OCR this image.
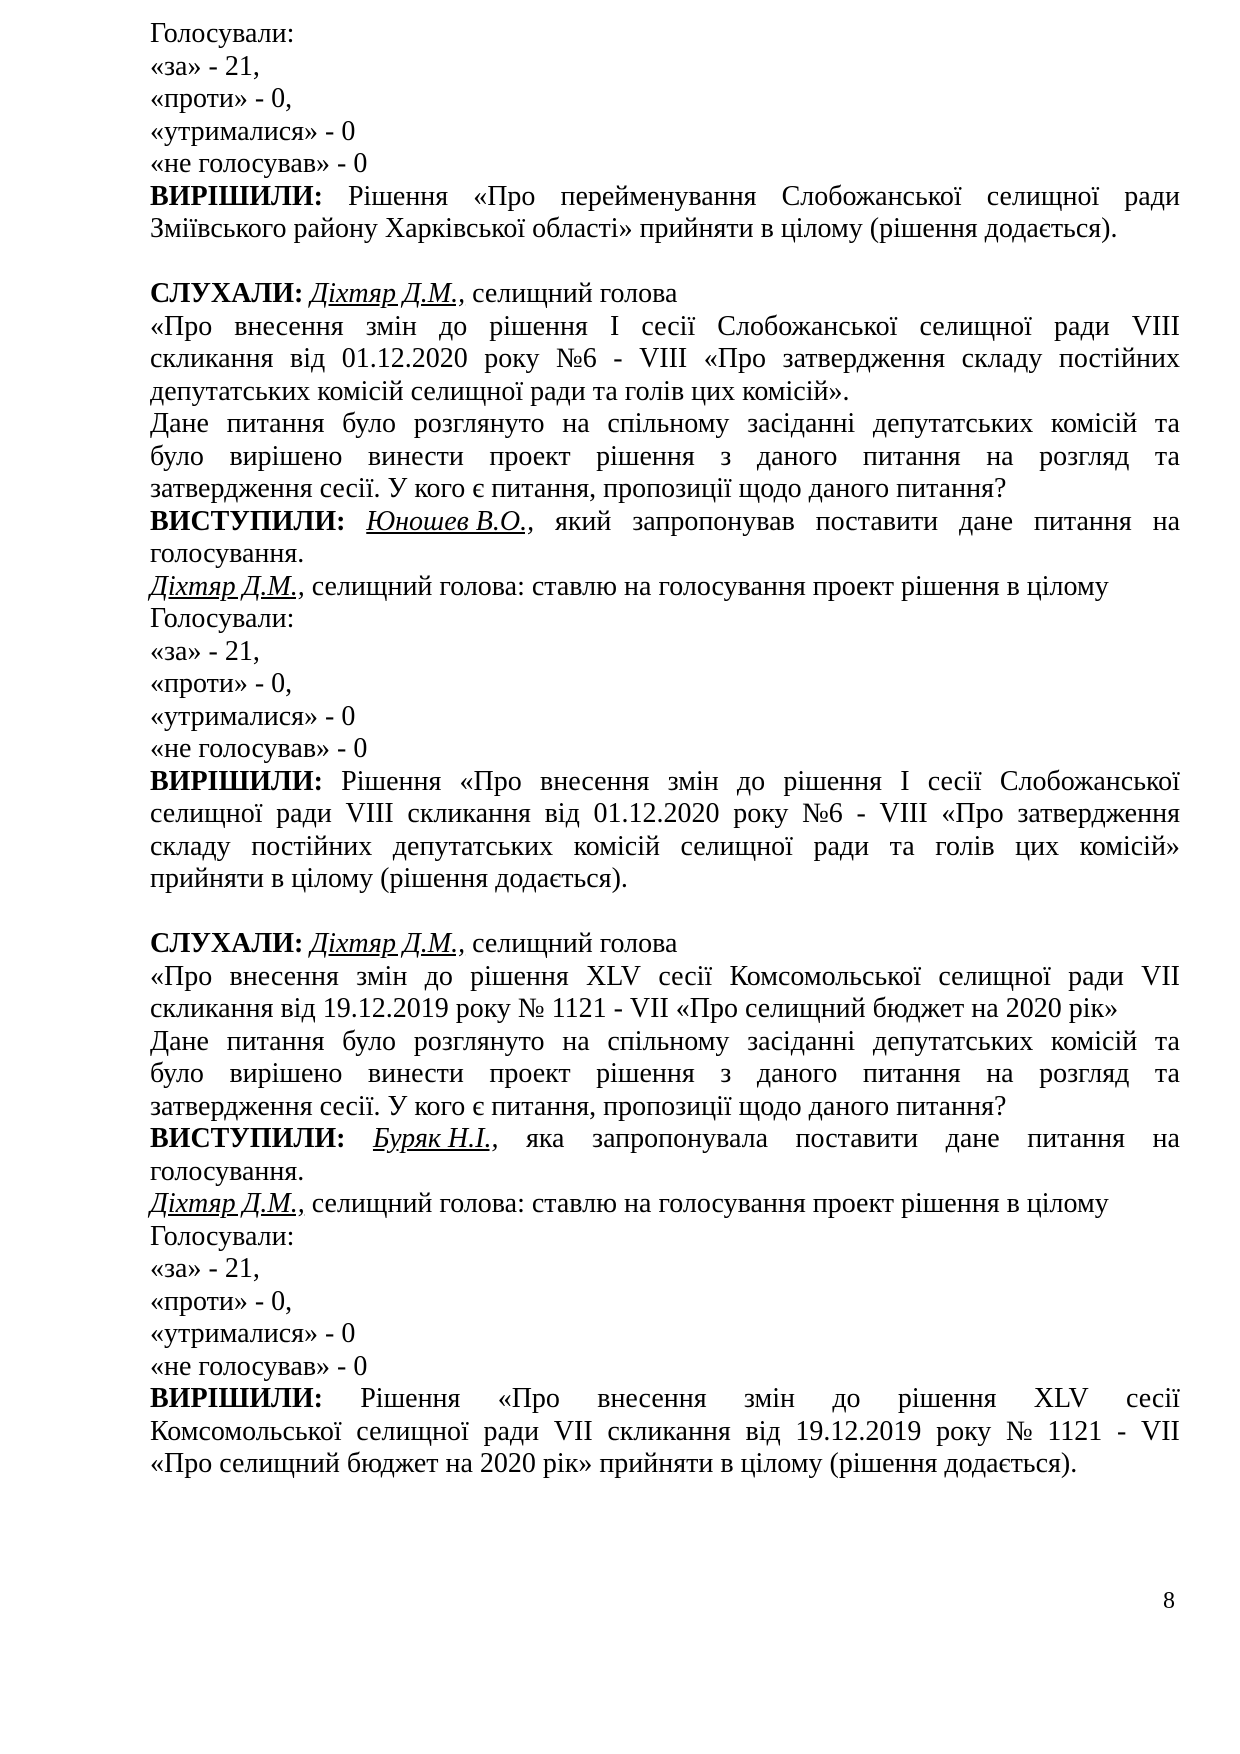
Голосували:
«за» - 21,
«проти» - 0,
«утрималися» - 0
«не голосував» - 0
ВИРІШИЛИ: Рішення «Про перейменування Слобожанської селищної ради
Зміївського району Харківської області» прийняти в цілому (рішення додається).
СЛУХАЛИ: Діхтяр Д.М., селищний голова
«Про внесення змін до рішення І сесії Слобожанської селищної ради VIII
скликання від 01.12.2020 року №6 - VIII «Про затвердження складу постійних
депутатських комісій селищної ради та голів цих комісій».
Дане питання було розглянуто на спільному засіданні депутатських комісій та
було вирішено винести проект рішення з даного питання на розгляд та
затвердження сесії. У кого є питання, пропозиції щодо даного питання?
ВИСТУПИЛИ: Юношев В.О., який запропонував поставити дане питання на
голосування.
Діхтяр Д.М., селищний голова: ставлю на голосування проект рішення в цілому
Голосували:
«за» - 21,
«проти» - 0,
«утрималися» - 0
«не голосував» - 0
ВИРІШИЛИ: Рішення «Про внесення змін до рішення І сесії Слобожанської
селищної ради VIII скликання від 01.12.2020 року №6 - VIII «Про затвердження
складу постійних депутатських комісій селищної ради та голів цих комісій»
прийняти в цілому (рішення додається).
СЛУХАЛИ: Діхтяр Д.М., селищний голова
«Про внесення змін до рішення XLV сесії Комсомольської селищної ради VII
скликання від 19.12.2019 року № 1121 - VII «Про селищний бюджет на 2020 рік»
Дане питання було розглянуто на спільному засіданні депутатських комісій та
було вирішено винести проект рішення з даного питання на розгляд та
затвердження сесії. У кого є питання, пропозиції щодо даного питання?
ВИСТУПИЛИ: Буряк Н.І., яка запропонувала поставити дане питання на
голосування.
Діхтяр Д.М., селищний голова: ставлю на голосування проект рішення в цілому
Голосували:
«за» - 21,
«проти» - 0,
«утрималися» - 0
«не голосував» - 0
ВИРІШИЛИ: Рішення «Про внесення змін до рішення XLV сесії
Комсомольської селищної ради VII скликання від 19.12.2019 року № 1121 - VII
«Про селищний бюджет на 2020 рік» прийняти в цілому (рішення додається).
8
